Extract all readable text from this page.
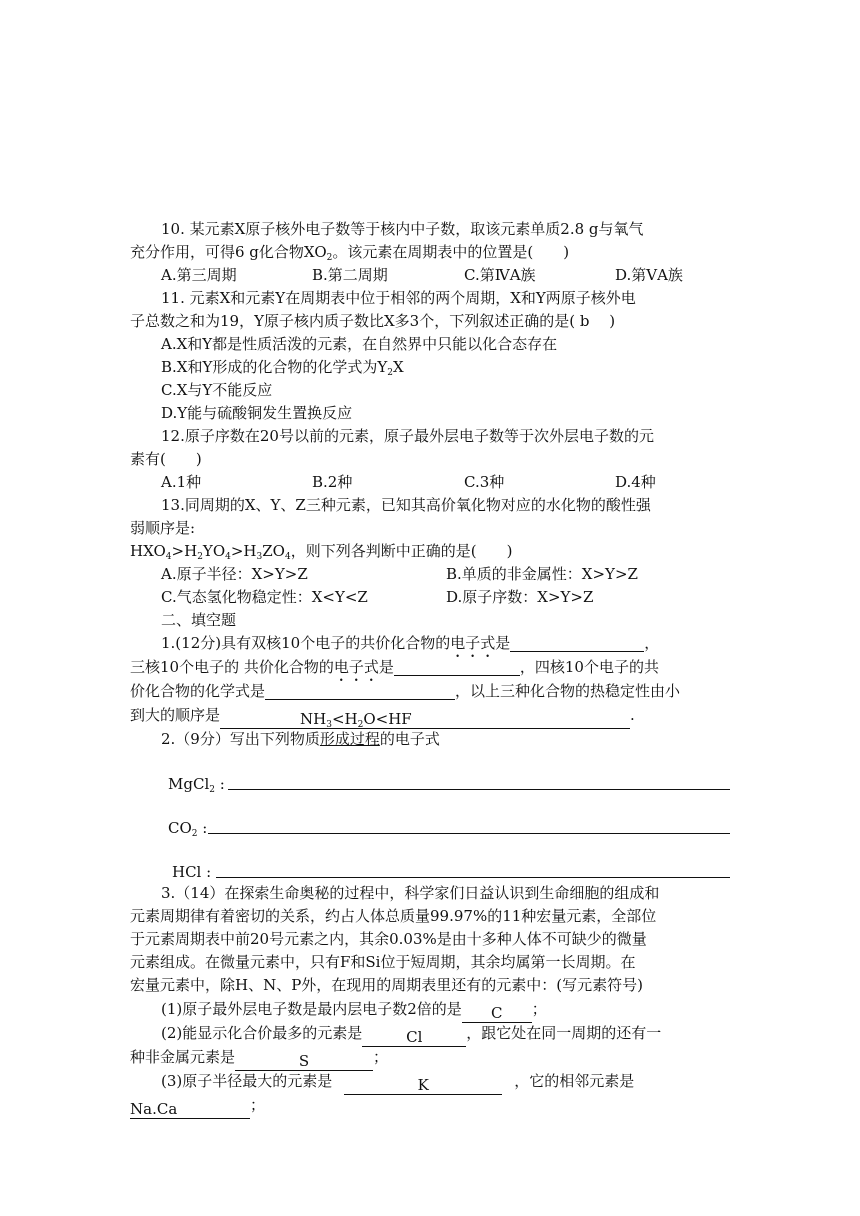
10. 某元素X原子核外电子数等于核内中子数，取该元素单质2.8 g与氧气
充分作用，可得6 g化合物$XO_2$。该元素在周期表中的位置是(　　)
A.第三周期	B.第二周期	C.第ⅣA族	D.第ⅤA族
11. 元素X和元素Y在周期表中位于相邻的两个周期，X和Y两原子核外电
子总数之和为19，Y原子核内质子数比X多3个，下列叙述正确的是( b　 )
A.X和Y都是性质活泼的元素，在自然界中只能以化合态存在
B.X和Y形成的化合物的化学式为$Y_2X$
C.X与Y不能反应
D.Y能与硫酸铜发生置换反应
12.原子序数在20号以前的元素，原子最外层电子数等于次外层电子数的元
素有(　　)
A.1种	B.2种	C.3种	D.4种
13.同周期的X、Y、Z三种元素，已知其高价氧化物对应的水化物的酸性强
弱顺序是:
$HXO_4>H_2YO_4>H_3ZO_4$，则下列各判断中正确的是(　　)
A.原子半径：X>Y>Z	B.单质的非金属性：X>Y>Z
C.气态氢化物稳定性：X<Y<Z	D.原子序数：X>Y>Z
二、填空题
1.(12分)具有双核10个电子的共价化合物的电子式是	，
三核10个电子的 共价化合物的电子式是	，四核10个电子的共
价化合物的化学式是	，以上三种化合物的热稳定性由小
到大的顺序是	$NH_3<H_2O<HF$	.
2.（9分）写出下列物质形成过程的电子式
MgCl$_2$ :
$CO_2$ :
HCl :
3.（14）在探索生命奥秘的过程中，科学家们日益认识到生命细胞的组成和
元素周期律有着密切的关系，约占人体总质量99.97%的11种宏量元素，全部位
于元素周期表中前20号元素之内，其余0.03%是由十多种人体不可缺少的微量
元素组成。在微量元素中，只有F和Si位于短周期，其余均属第一长周期。在
宏量元素中，除H、N、P外，在现用的周期表里还有的元素中：(写元素符号)
(1)原子最外层电子数是最内层电子数2倍的是 C ；
(2)能显示化合价最多的元素是	Cl	，跟它处在同一周期的还有一
种非金属元素是	S	；
(3)原子半径最大的元素是	K	，它的相邻元素是
Na.Ca	；
